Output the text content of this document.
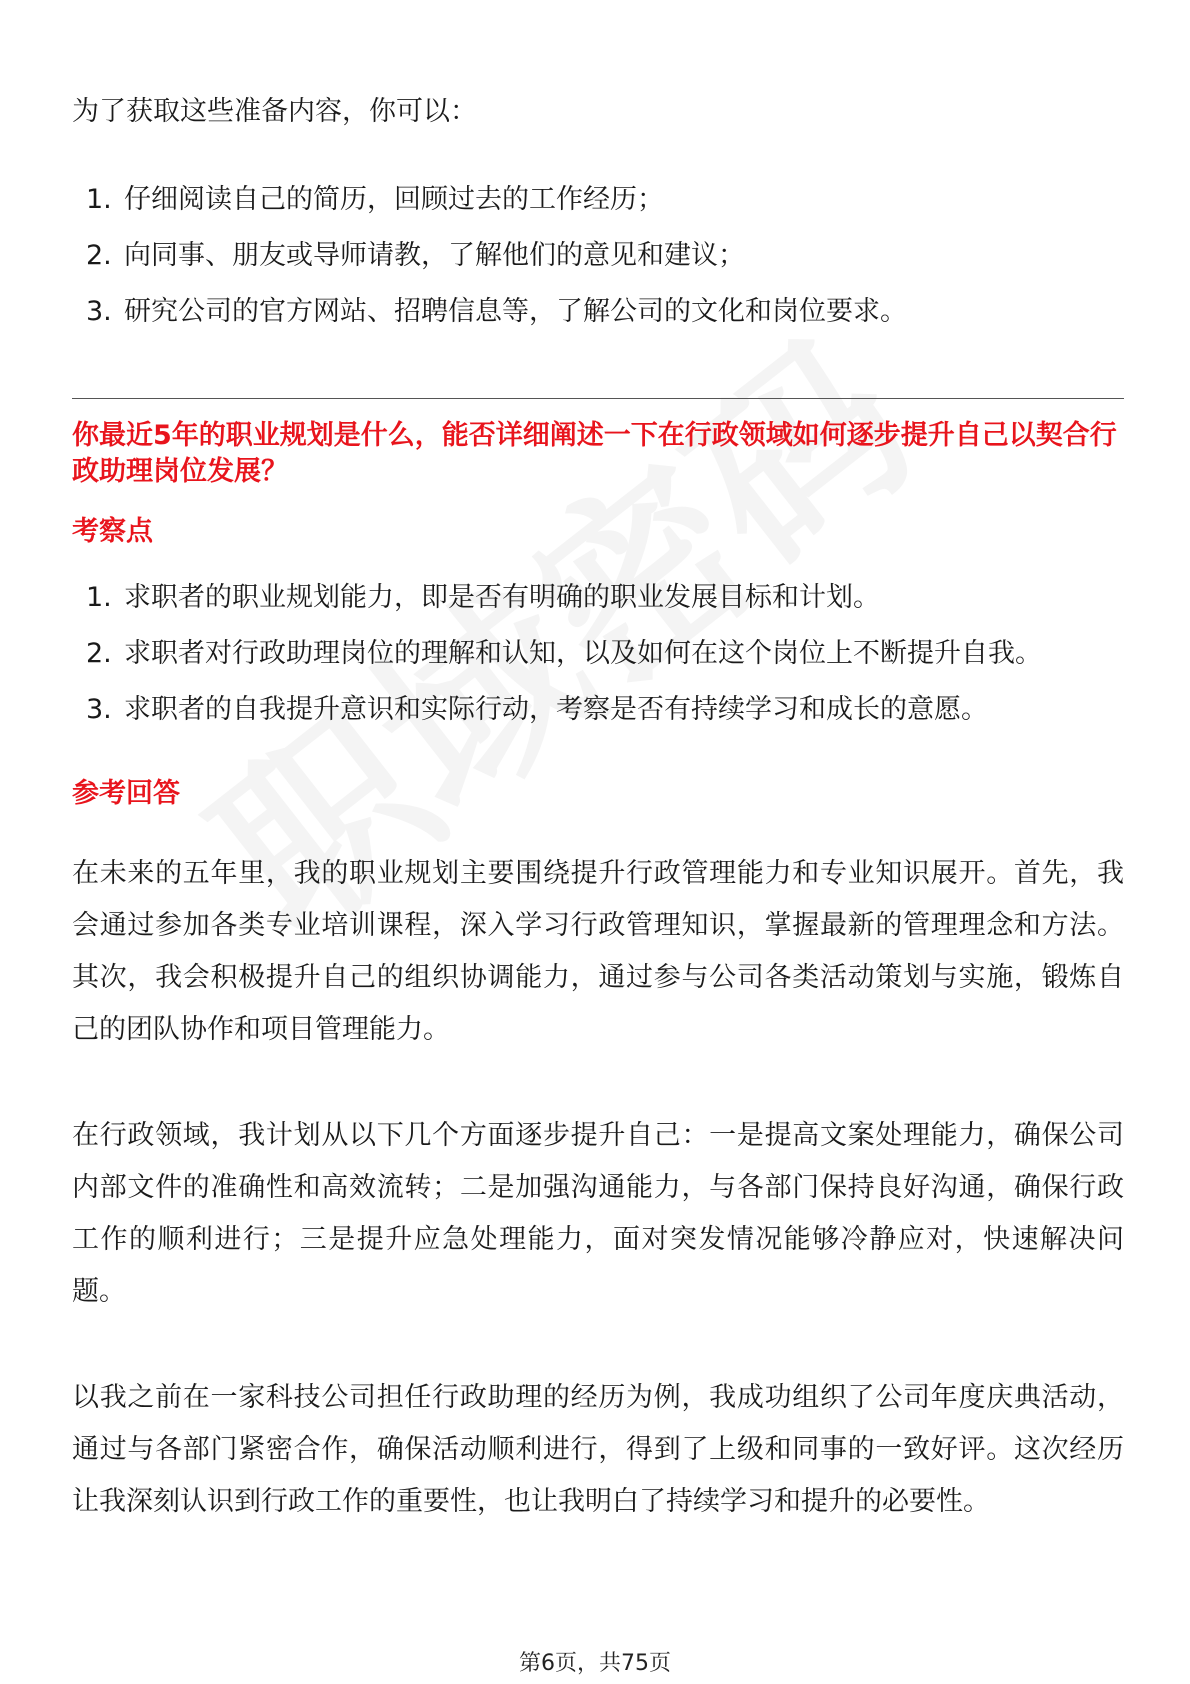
为了获取这些准备内容，你可以：

1. 仔细阅读自己的简历，回顾过去的工作经历；
2. 向同事、朋友或导师请教，了解他们的意见和建议；
3. 研究公司的官方网站、招聘信息等，了解公司的文化和岗位要求。

你最近5年的职业规划是什么，能否详细阐述一下在行政领域如何逐步提升自己以契合行政助理岗位发展？

考察点

1. 求职者的职业规划能力，即是否有明确的职业发展目标和计划。
2. 求职者对行政助理岗位的理解和认知，以及如何在这个岗位上不断提升自我。
3. 求职者的自我提升意识和实际行动，考察是否有持续学习和成长的意愿。

参考回答

在未来的五年里，我的职业规划主要围绕提升行政管理能力和专业知识展开。首先，我会通过参加各类专业培训课程，深入学习行政管理知识，掌握最新的管理理念和方法。其次，我会积极提升自己的组织协调能力，通过参与公司各类活动策划与实施，锻炼自己的团队协作和项目管理能力。

在行政领域，我计划从以下几个方面逐步提升自己：一是提高文案处理能力，确保公司内部文件的准确性和高效流转；二是加强沟通能力，与各部门保持良好沟通，确保行政工作的顺利进行；三是提升应急处理能力，面对突发情况能够冷静应对，快速解决问题。

以我之前在一家科技公司担任行政助理的经历为例，我成功组织了公司年度庆典活动，通过与各部门紧密合作，确保活动顺利进行，得到了上级和同事的一致好评。这次经历让我深刻认识到行政工作的重要性，也让我明白了持续学习和提升的必要性。

第6页，共75页
